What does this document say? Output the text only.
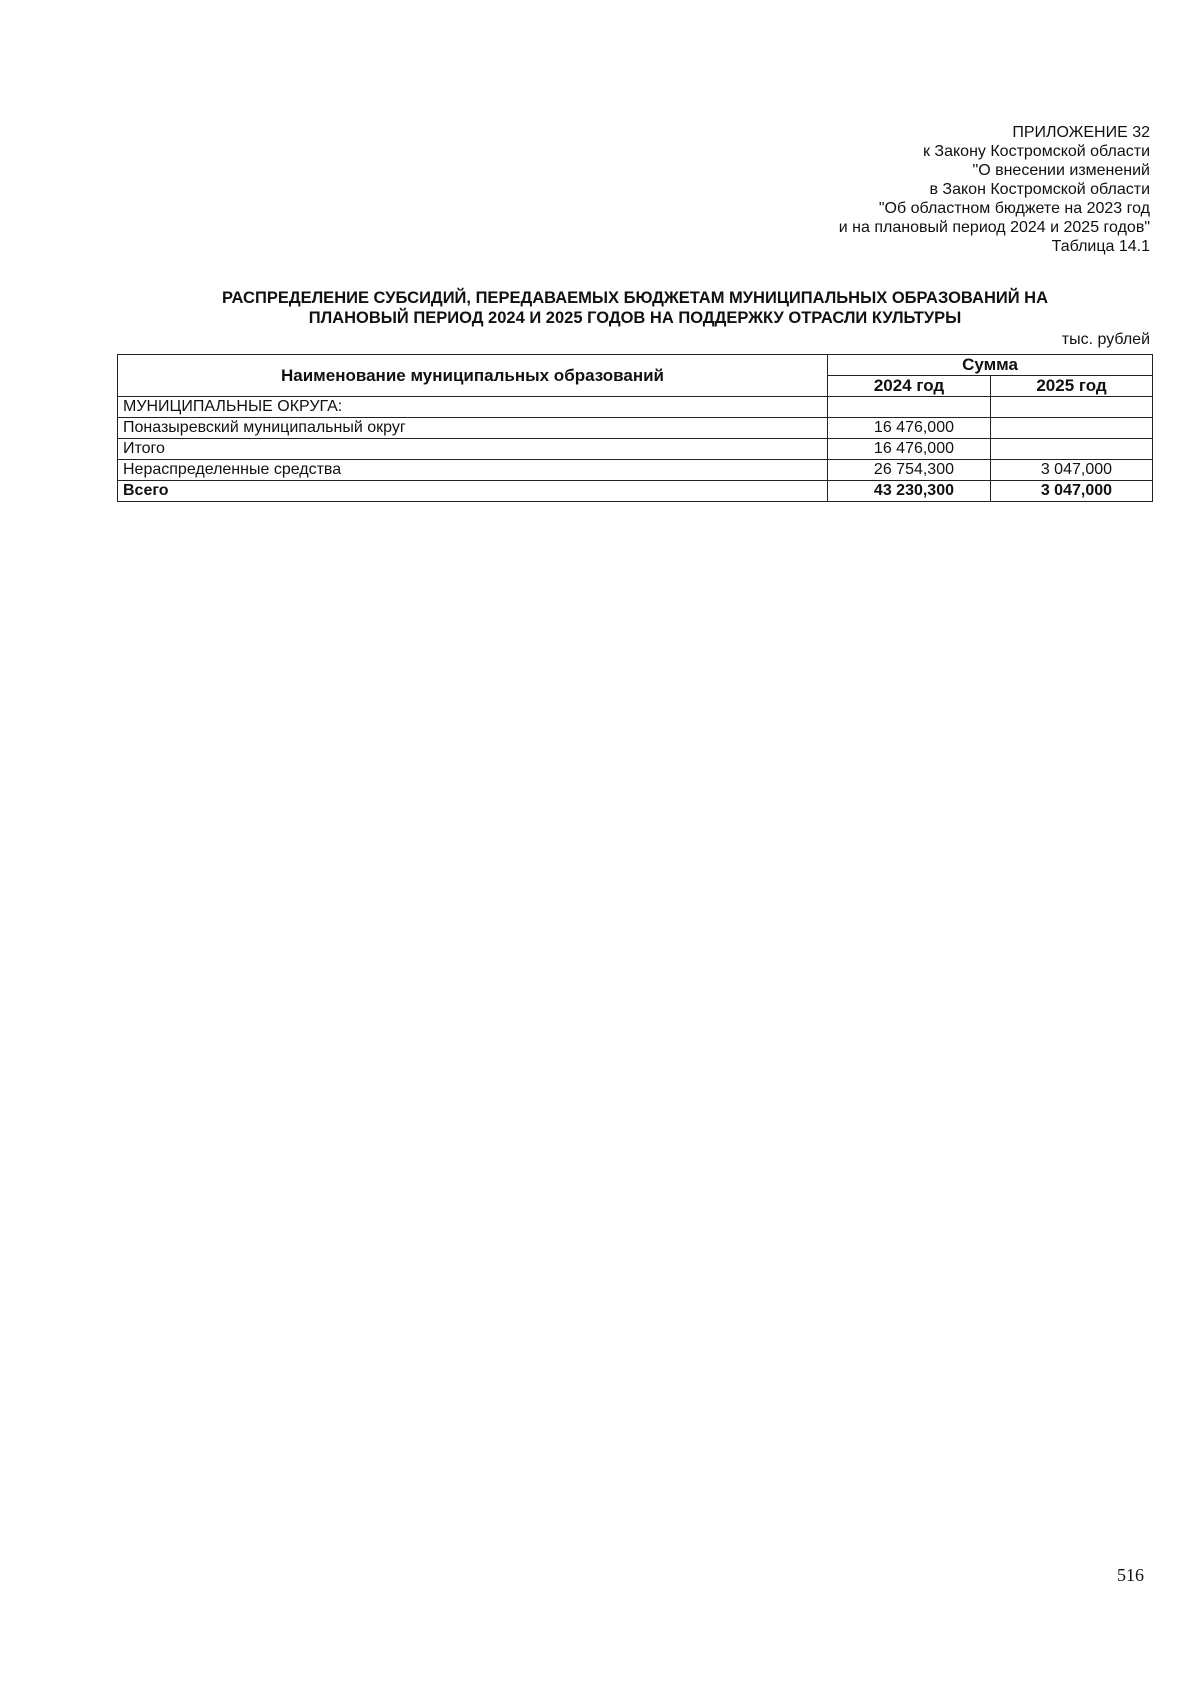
ПРИЛОЖЕНИЕ 32
к Закону Костромской области
"О внесении изменений
в Закон Костромской области
"Об областном бюджете на 2023 год
и на плановый период 2024 и 2025 годов"
Таблица 14.1
РАСПРЕДЕЛЕНИЕ СУБСИДИЙ, ПЕРЕДАВАЕМЫХ БЮДЖЕТАМ МУНИЦИПАЛЬНЫХ ОБРАЗОВАНИЙ НА
ПЛАНОВЫЙ ПЕРИОД 2024 И 2025 ГОДОВ НА ПОДДЕРЖКУ ОТРАСЛИ КУЛЬТУРЫ
тыс. рублей
Наименование муниципальных образований	Сумма	
	2024 год	2025 год
МУНИЦИПАЛЬНЫЕ ОКРУГА:		
Поназыревский муниципальный округ	16 476,000	
Итого	16 476,000	
Нераспределенные средства	26 754,300	3 047,000
Всего	43 230,300	3 047,000
516
